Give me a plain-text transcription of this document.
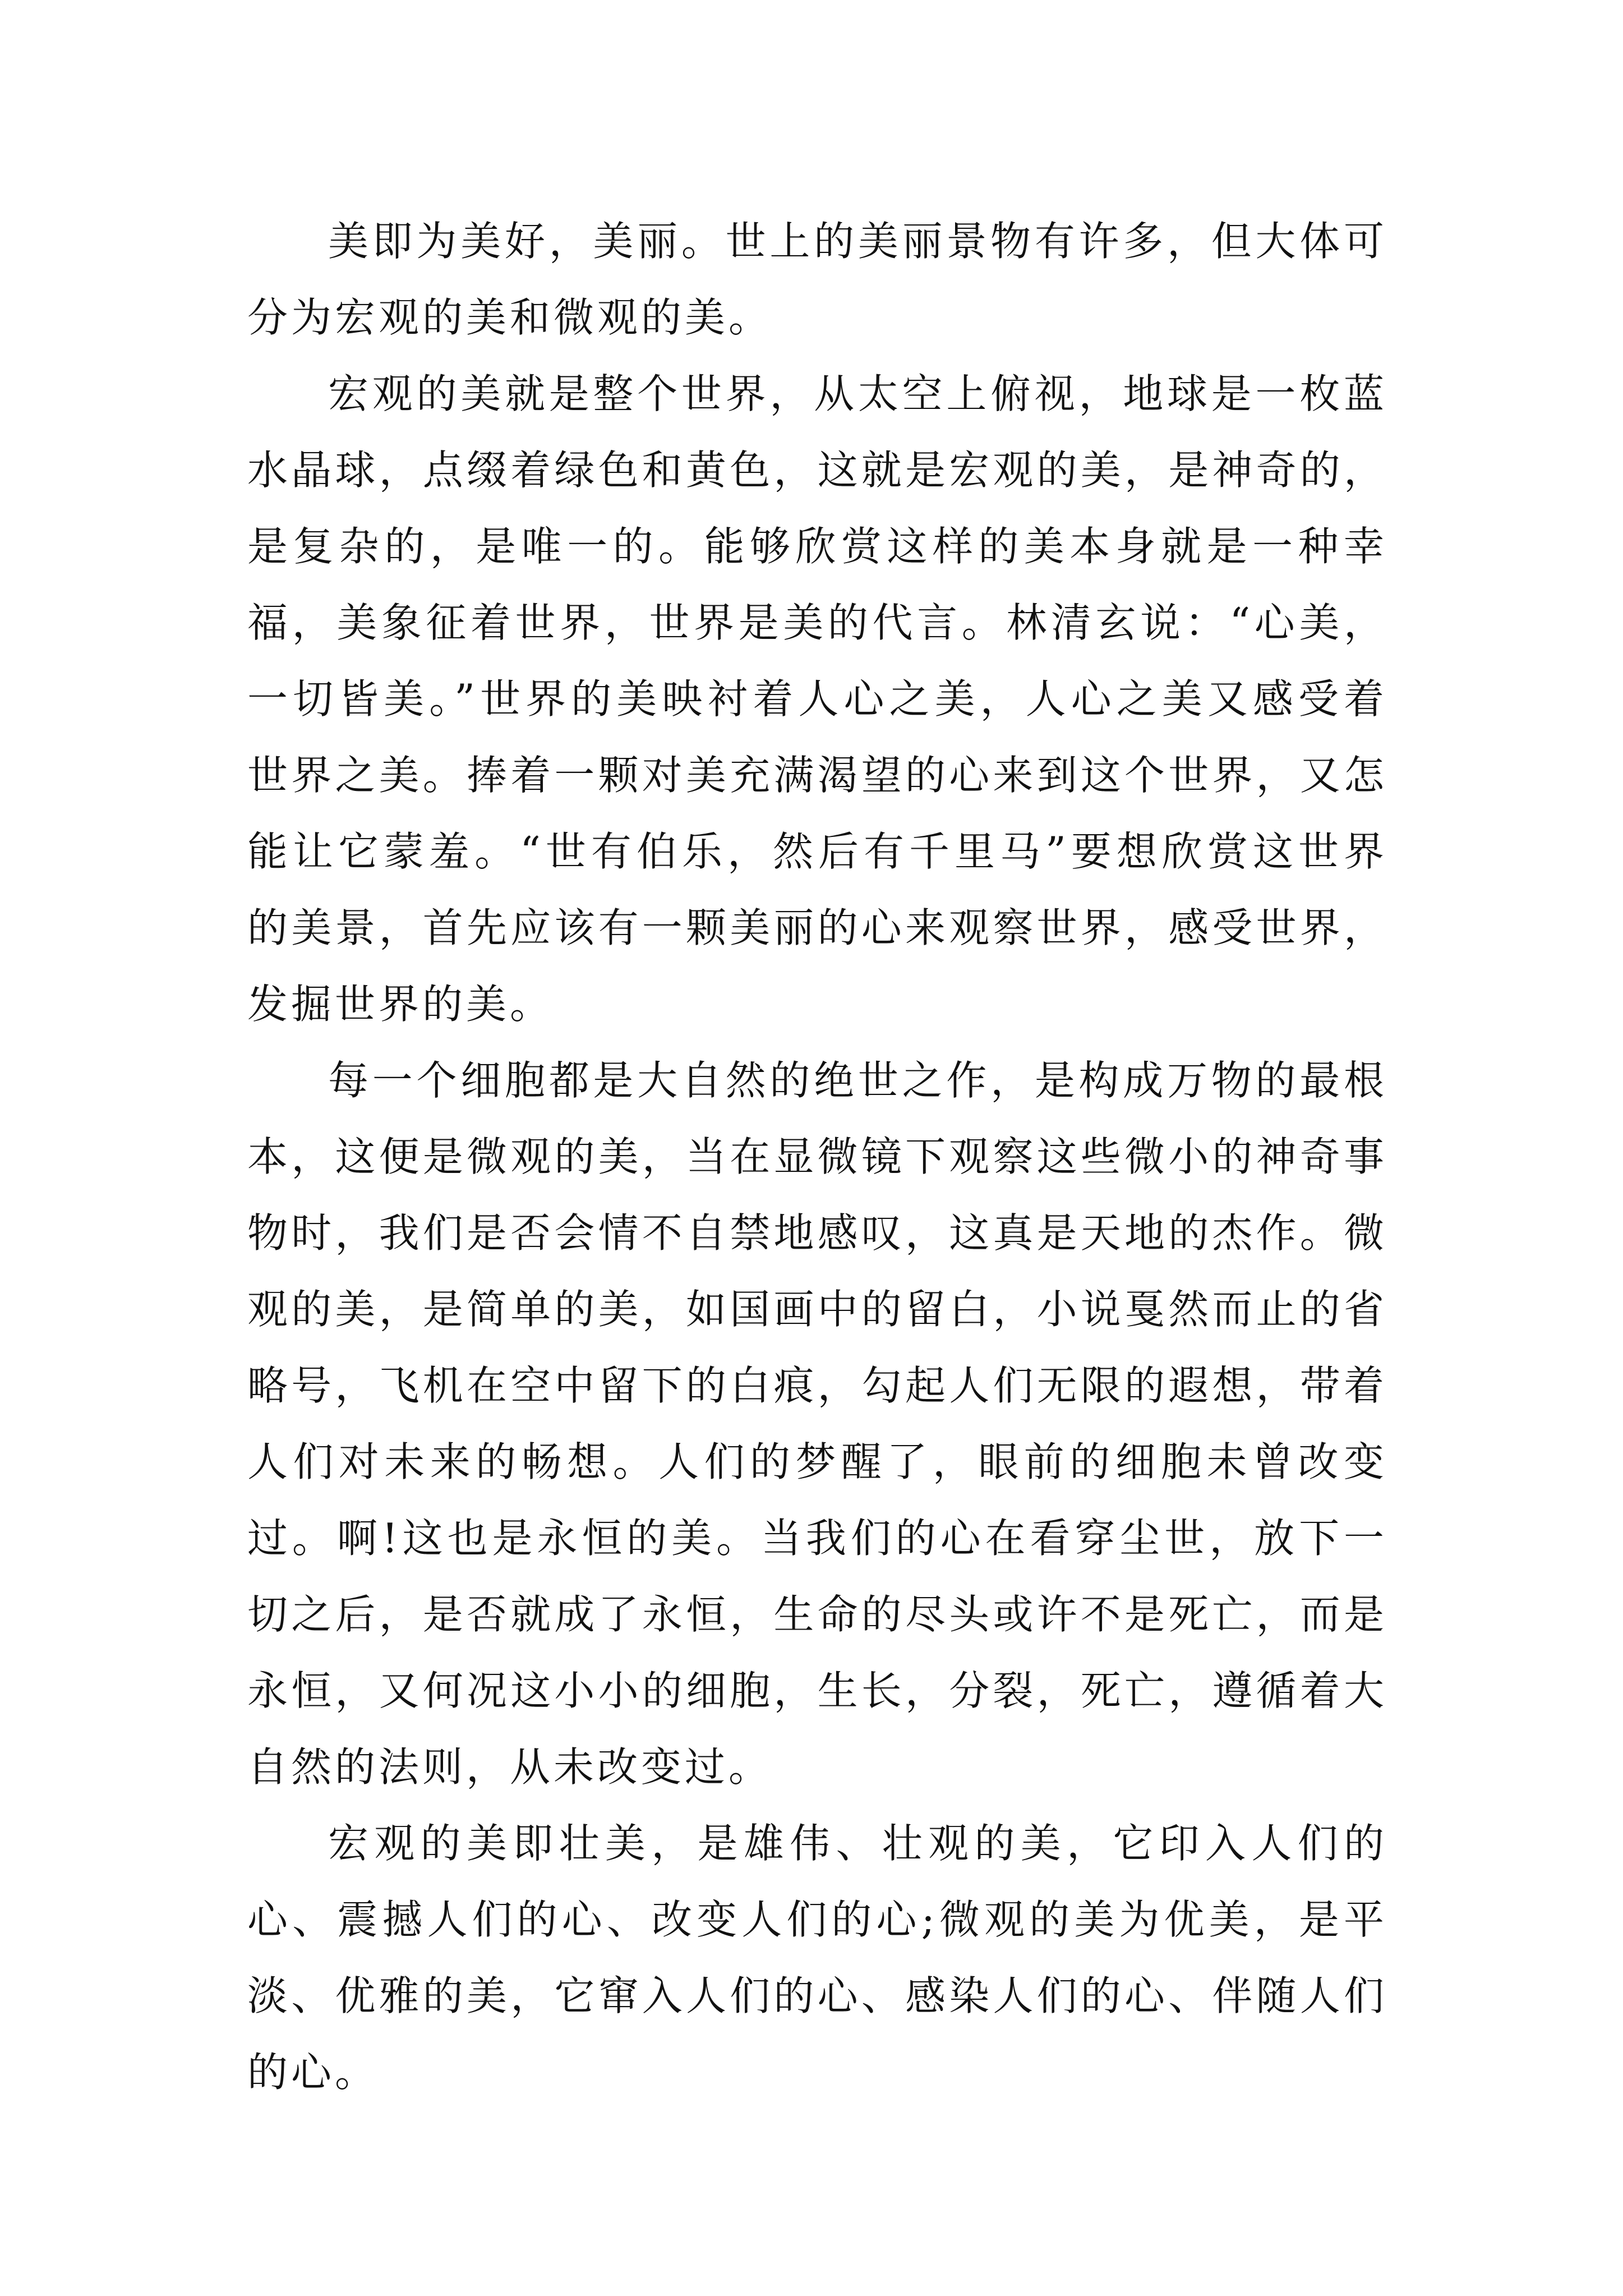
美即为美好，美丽。世上的美丽景物有许多，但大体可分为宏观的美和微观的美。

宏观的美就是整个世界，从太空上俯视，地球是一枚蓝水晶球，点缀着绿色和黄色，这就是宏观的美，是神奇的，是复杂的，是唯一的。能够欣赏这样的美本身就是一种幸福，美象征着世界，世界是美的代言。林清玄说：“心美，一切皆美。”世界的美映衬着人心之美，人心之美又感受着世界之美。捧着一颗对美充满渴望的心来到这个世界，又怎能让它蒙羞。“世有伯乐，然后有千里马”要想欣赏这世界的美景，首先应该有一颗美丽的心来观察世界，感受世界，发掘世界的美。

每一个细胞都是大自然的绝世之作，是构成万物的最根本，这便是微观的美，当在显微镜下观察这些微小的神奇事物时，我们是否会情不自禁地感叹，这真是天地的杰作。微观的美，是简单的美，如国画中的留白，小说戛然而止的省略号，飞机在空中留下的白痕，勾起人们无限的遐想，带着人们对未来的畅想。人们的梦醒了，眼前的细胞未曾改变过。啊!这也是永恒的美。当我们的心在看穿尘世，放下一切之后，是否就成了永恒，生命的尽头或许不是死亡，而是永恒，又何况这小小的细胞，生长，分裂，死亡，遵循着大自然的法则，从未改变过。

宏观的美即壮美，是雄伟、壮观的美，它印入人们的心、震撼人们的心、改变人们的心;微观的美为优美，是平淡、优雅的美，它窜入人们的心、感染人们的心、伴随人们的心。
